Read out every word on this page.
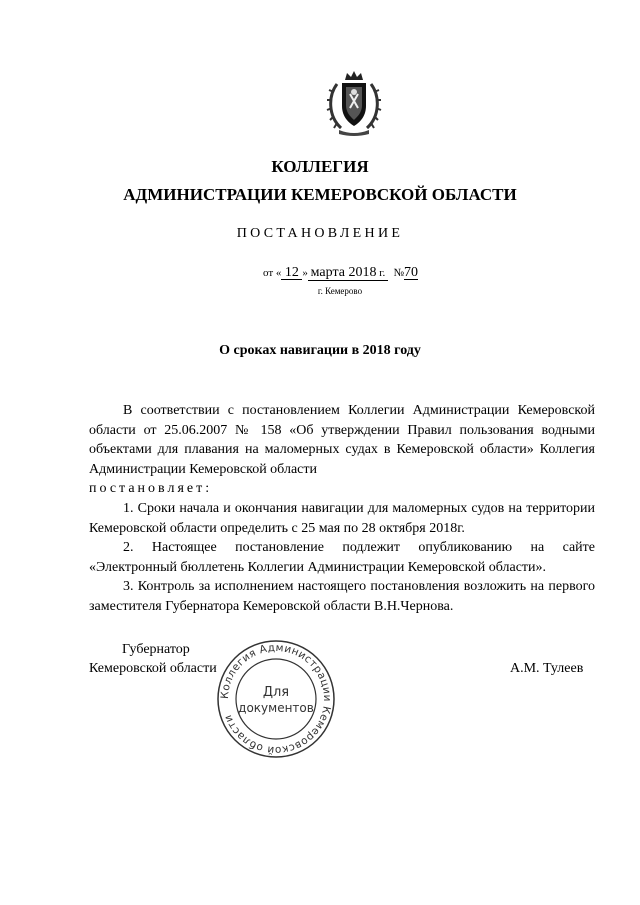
КОЛЛЕГИЯ
АДМИНИСТРАЦИИ КЕМЕРОВСКОЙ ОБЛАСТИ
ПОСТАНОВЛЕНИЕ
от « 12 » марта 2018 г. №70
г. Кемерово
О сроках навигации в 2018 году

В соответствии с постановлением Коллегии Администрации Кемеровской области от 25.06.2007 № 158 «Об утверждении Правил пользования водными объектами для плавания на маломерных судах в Кемеровской области» Коллегия Администрации Кемеровской области

постановляет:

1. Сроки начала и окончания навигации для маломерных судов на территории Кемеровской области определить с 25 мая по 28 октября 2018г.

2. Настоящее постановление подлежит опубликованию на сайте «Электронный бюллетень Коллегии Администрации Кемеровской области».

3. Контроль за исполнением настоящего постановления возложить на первого заместителя Губернатора Кемеровской области В.Н.Чернова.

Коллегия Администрации Кемеровской области
Для
документов
Губернатор
Кемеровской области	А.М. Тулеев
